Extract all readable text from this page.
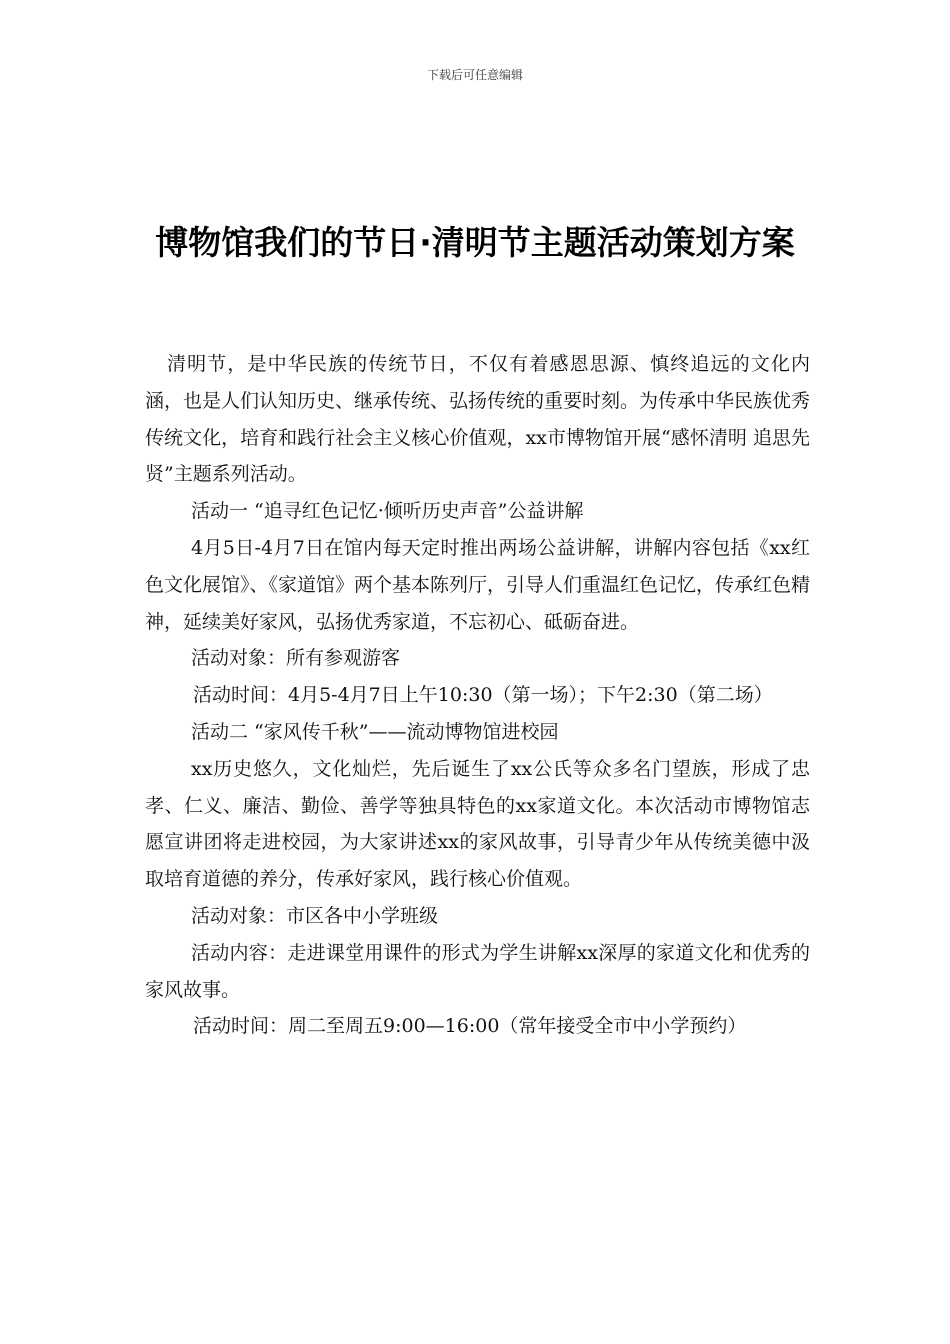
下载后可任意编辑
博物馆我们的节日·清明节主题活动策划方案

清明节，是中华民族的传统节日，不仅有着感恩思源、慎终追远的文化内涵，也是人们认知历史、继承传统、弘扬传统的重要时刻。为传承中华民族优秀传统文化，培育和践行社会主义核心价值观，xx市博物馆开展“感怀清明 追思先贤”主题系列活动。

活动一 “追寻红色记忆·倾听历史声音”公益讲解

4月5日-4月7日在馆内每天定时推出两场公益讲解，讲解内容包括《xx红色文化展馆》、《家道馆》两个基本陈列厅，引导人们重温红色记忆，传承红色精神，延续美好家风，弘扬优秀家道，不忘初心、砥砺奋进。

活动对象：所有参观游客

活动时间：4月5-4月7日上午10:30（第一场）；下午2:30（第二场）

活动二 “家风传千秋”——流动博物馆进校园

xx历史悠久，文化灿烂，先后诞生了xx公氏等众多名门望族，形成了忠孝、仁义、廉洁、勤俭、善学等独具特色的xx家道文化。本次活动市博物馆志愿宣讲团将走进校园，为大家讲述xx的家风故事，引导青少年从传统美德中汲取培育道德的养分，传承好家风，践行核心价值观。

活动对象：市区各中小学班级

活动内容：走进课堂用课件的形式为学生讲解xx深厚的家道文化和优秀的家风故事。

活动时间：周二至周五9:00—16:00（常年接受全市中小学预约）
